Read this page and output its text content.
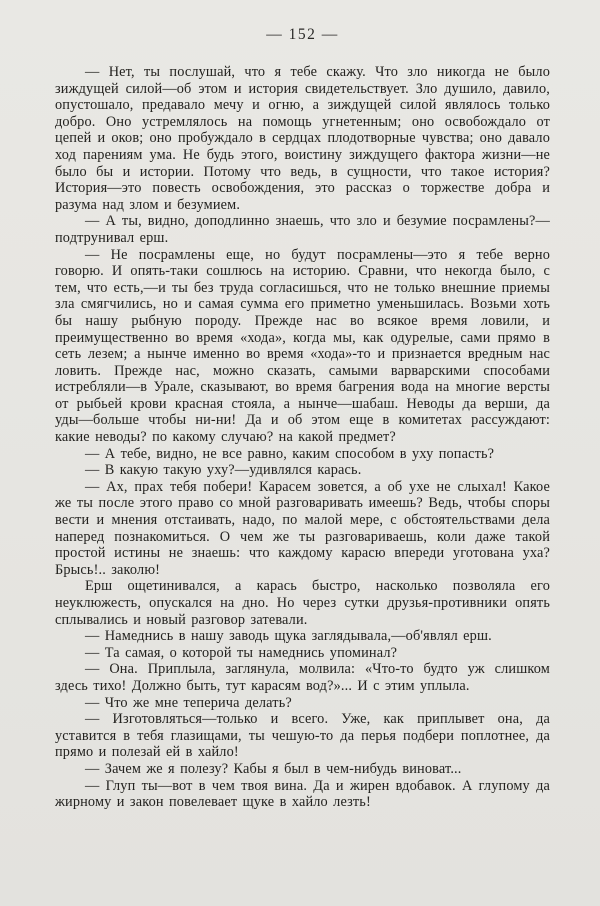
— 152 —

— Нет, ты послушай, что я тебе скажу. Что зло никогда не было зиждущей силой—об этом и история свидетельствует. Зло душило, давило, опустошало, предавало мечу и огню, а зиждущей силой являлось только добро. Оно устремлялось на помощь угнетенным; оно освобождало от цепей и оков; оно пробуждало в сердцах плодотворные чувства; оно давало ход парениям ума. Не будь этого, воистину зиждущего фактора жизни—не было бы и истории. Потому что ведь, в сущности, что такое история? История—это повесть освобождения, это рассказ о торжестве добра и разума над злом и безумием.

— А ты, видно, доподлинно знаешь, что зло и безумие посрамлены?—подтрунивал ерш.

— Не посрамлены еще, но будут посрамлены—это я тебе верно говорю. И опять-таки сошлюсь на историю. Сравни, что некогда было, с тем, что есть,—и ты без труда согласишься, что не только внешние приемы зла смягчились, но и самая сумма его приметно уменьшилась. Возьми хоть бы нашу рыбную породу. Прежде нас во всякое время ловили, и преимущественно во время «хода», когда мы, как одурелые, сами прямо в сеть лезем; а нынче именно во время «хода»-то и признается вредным нас ловить. Прежде нас, можно сказать, самыми варварскими способами истребляли—в Урале, сказывают, во время багрения вода на многие версты от рыбьей крови красная стояла, а нынче—шабаш. Неводы да верши, да уды—больше чтобы ни-ни! Да и об этом еще в комитетах рассуждают: какие неводы? по какому случаю? на какой предмет?

— А тебе, видно, не все равно, каким способом в уху попасть?

— В какую такую уху?—удивлялся карась.

— Ах, прах тебя побери! Карасем зовется, а об ухе не слыхал! Какое же ты после этого право со мной разговаривать имеешь? Ведь, чтобы споры вести и мнения отстаивать, надо, по малой мере, с обстоятельствами дела наперед познакомиться. О чем же ты разговариваешь, коли даже такой простой истины не знаешь: что каждому карасю впереди уготована уха? Брысь!.. заколю!

Ерш ощетинивался, а карась быстро, насколько позволяла его неуклюжесть, опускался на дно. Но через сутки друзья-противники опять сплывались и новый разговор затевали.

— Намеднись в нашу заводь щука заглядывала,—об'являл ерш.

— Та самая, о которой ты намеднись упоминал?

— Она. Приплыла, заглянула, молвила: «Что-то будто уж слишком здесь тихо! Должно быть, тут карасям вод?»... И с этим уплыла.

— Что же мне теперича делать?

— Изготовляться—только и всего. Уже, как приплывет она, да уставится в тебя глазищами, ты чешую-то да перья подбери поплотнее, да прямо и полезай ей в хайло!

— Зачем же я полезу? Кабы я был в чем-нибудь виноват...

— Глуп ты—вот в чем твоя вина. Да и жирен вдобавок. А глупому да жирному и закон повелевает щуке в хайло лезть!
